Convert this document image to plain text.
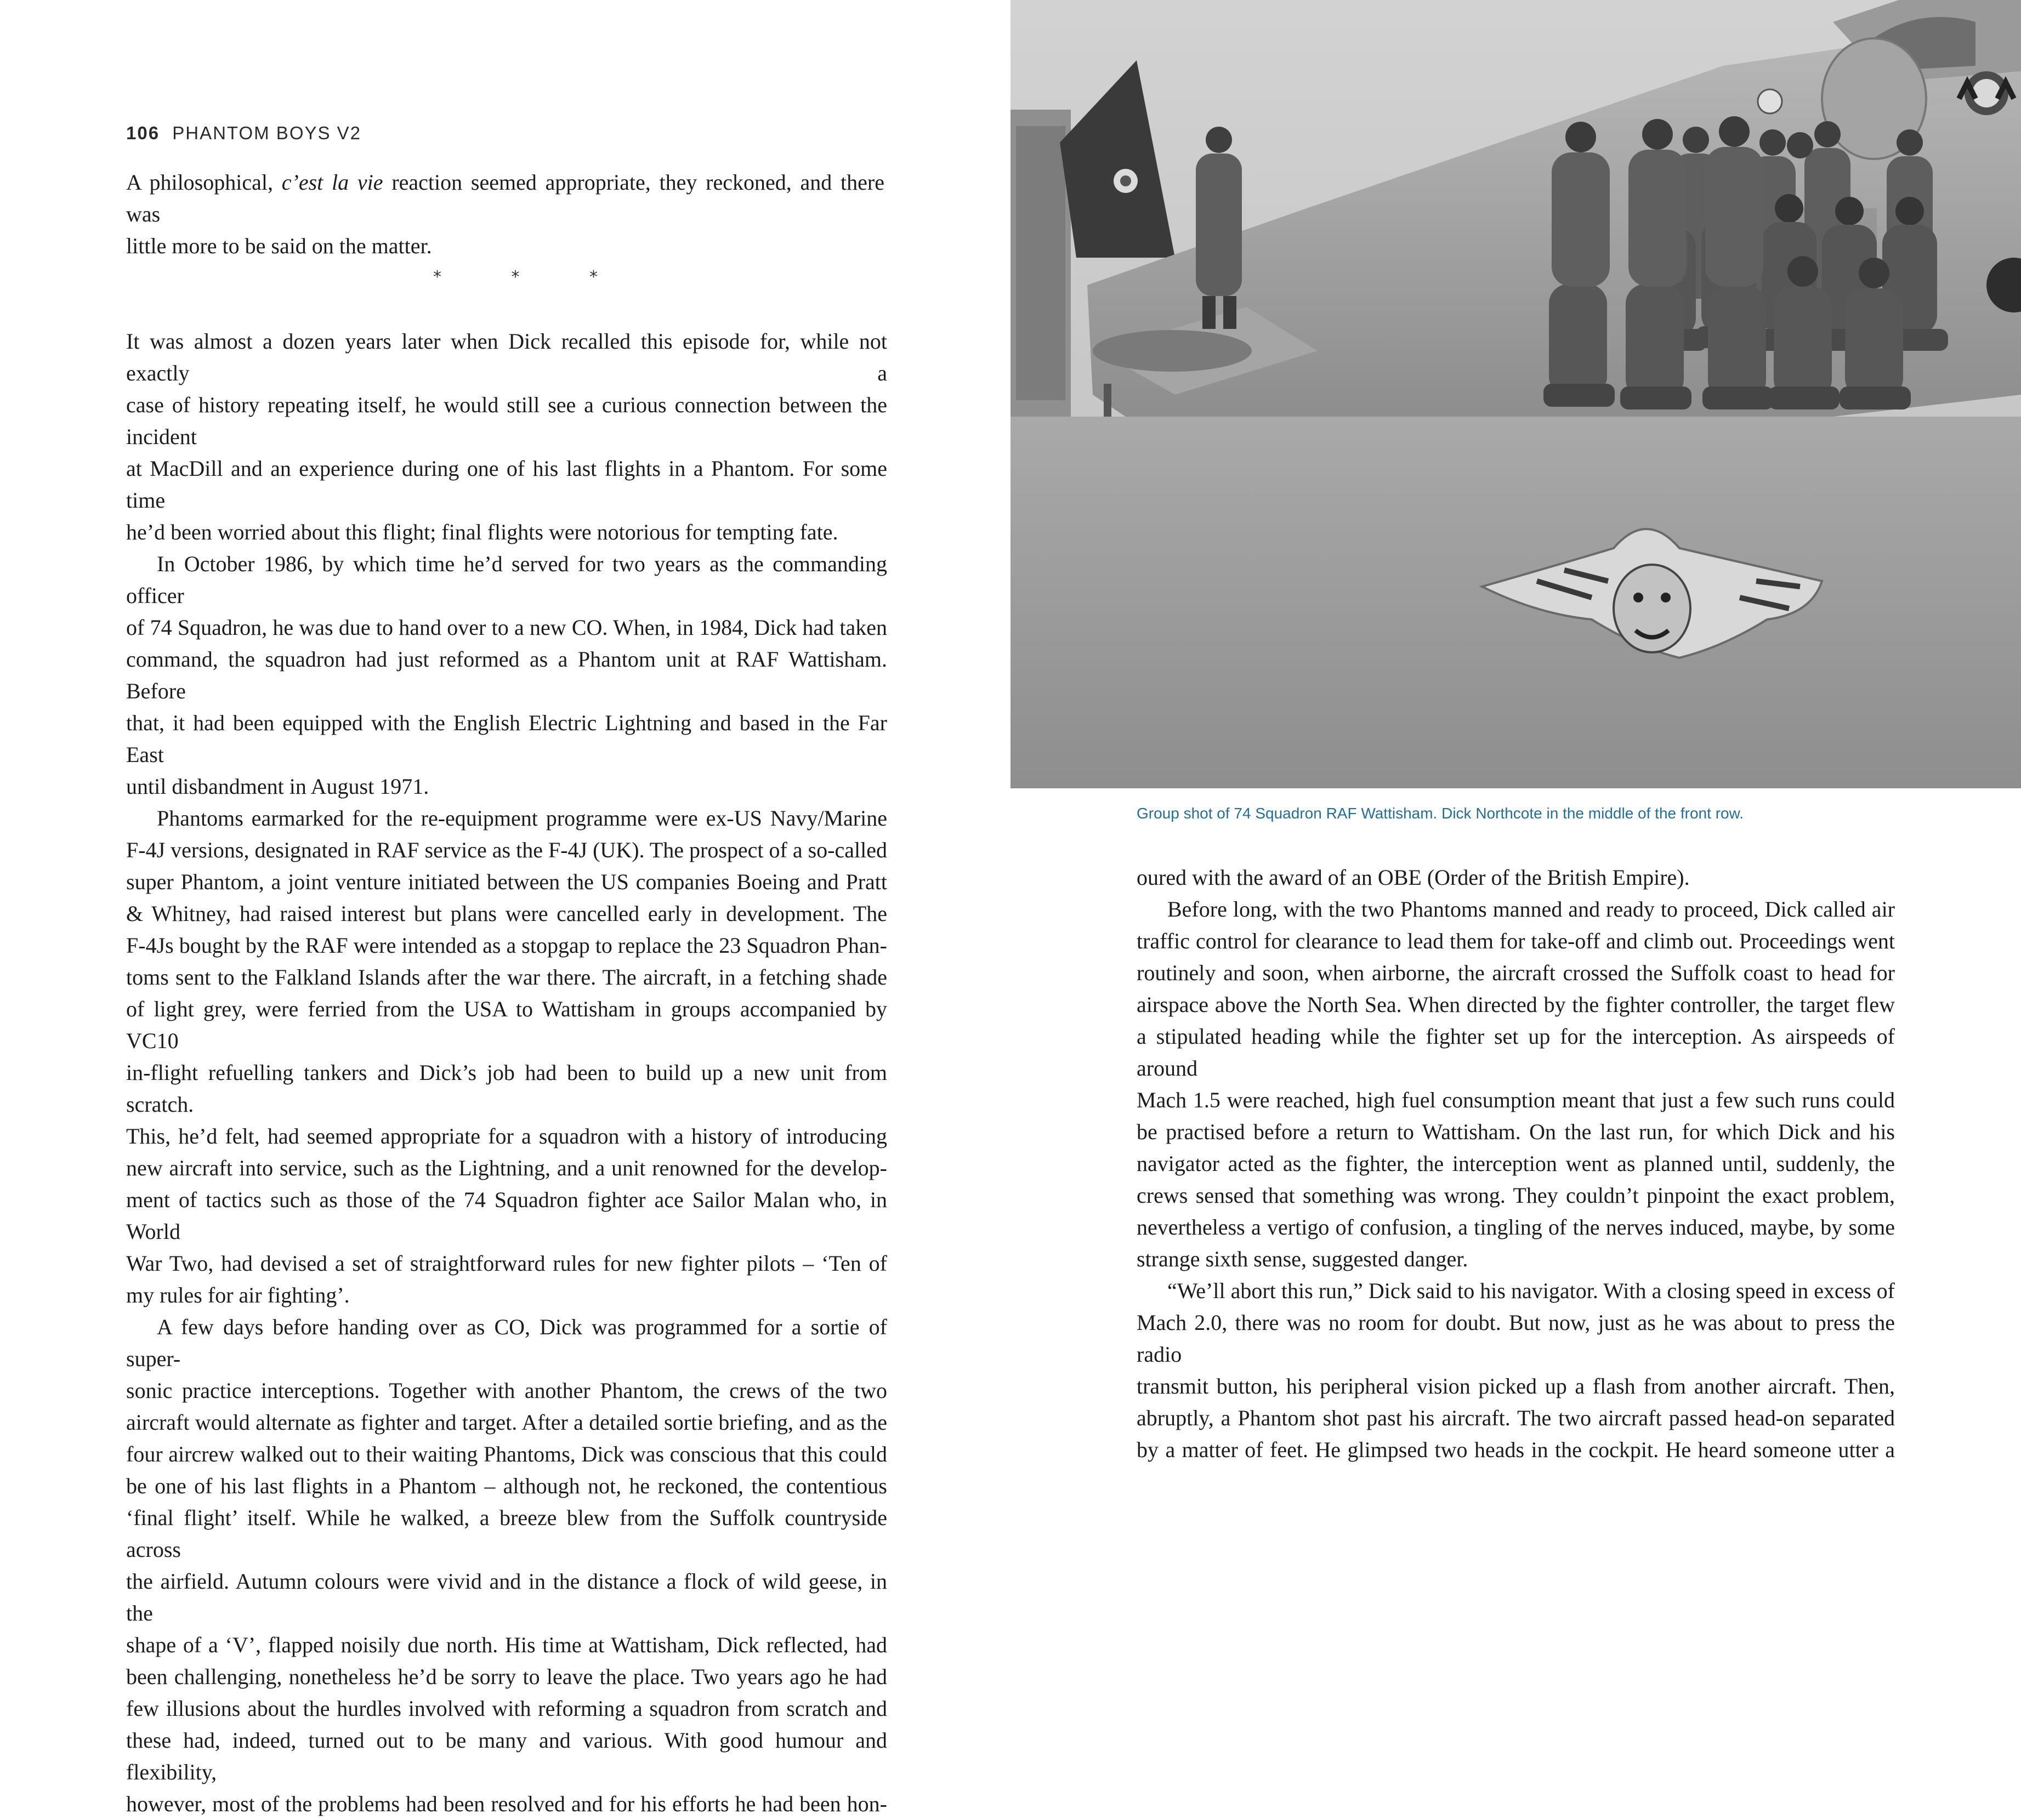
106 PHANTOM BOYS V2

A philosophical, c’est la vie reaction seemed appropriate, they reckoned, and there was

little more to be said on the matter.

*	*	*

It was almost a dozen years later when Dick recalled this episode for, while not exactly a

case of history repeating itself, he would still see a curious connection between the incident

at MacDill and an experience during one of his last flights in a Phantom. For some time

he’d been worried about this flight; final flights were notorious for tempting fate.

In October 1986, by which time he’d served for two years as the commanding officer

of 74 Squadron, he was due to hand over to a new CO. When, in 1984, Dick had taken

command, the squadron had just reformed as a Phantom unit at RAF Wattisham. Before

that, it had been equipped with the English Electric Lightning and based in the Far East

until disbandment in August 1971.

Phantoms earmarked for the re-equipment programme were ex-US Navy/Marine

F-4J versions, designated in RAF service as the F-4J (UK). The prospect of a so-called

super Phantom, a joint venture initiated between the US companies Boeing and Pratt

& Whitney, had raised interest but plans were cancelled early in development. The

F-4Js bought by the RAF were intended as a stopgap to replace the 23 Squadron Phan-

toms sent to the Falkland Islands after the war there. The aircraft, in a fetching shade

of light grey, were ferried from the USA to Wattisham in groups accompanied by VC10

in-flight refuelling tankers and Dick’s job had been to build up a new unit from scratch.

This, he’d felt, had seemed appropriate for a squadron with a history of introducing

new aircraft into service, such as the Lightning, and a unit renowned for the develop-

ment of tactics such as those of the 74 Squadron fighter ace Sailor Malan who, in World

War Two, had devised a set of straightforward rules for new fighter pilots – ‘Ten of

my rules for air fighting’.

A few days before handing over as CO, Dick was programmed for a sortie of super-

sonic practice interceptions. Together with another Phantom, the crews of the two

aircraft would alternate as fighter and target. After a detailed sortie briefing, and as the

four aircrew walked out to their waiting Phantoms, Dick was conscious that this could

be one of his last flights in a Phantom – although not, he reckoned, the contentious

‘final flight’ itself. While he walked, a breeze blew from the Suffolk countryside across

the airfield. Autumn colours were vivid and in the distance a flock of wild geese, in the

shape of a ‘V’, flapped noisily due north. His time at Wattisham, Dick reflected, had

been challenging, nonetheless he’d be sorry to leave the place. Two years ago he had

few illusions about the hurdles involved with reforming a squadron from scratch and

these had, indeed, turned out to be many and various. With good humour and flexibility,

however, most of the problems had been resolved and for his efforts he had been hon-

Group shot of 74 Squadron RAF Wattisham. Dick Northcote in the middle of the front row.

oured with the award of an OBE (Order of the British Empire).

Before long, with the two Phantoms manned and ready to proceed, Dick called air

traffic control for clearance to lead them for take-off and climb out. Proceedings went

routinely and soon, when airborne, the aircraft crossed the Suffolk coast to head for

airspace above the North Sea. When directed by the fighter controller, the target flew

a stipulated heading while the fighter set up for the interception. As airspeeds of around

Mach 1.5 were reached, high fuel consumption meant that just a few such runs could

be practised before a return to Wattisham. On the last run, for which Dick and his

navigator acted as the fighter, the interception went as planned until, suddenly, the

crews sensed that something was wrong. They couldn’t pinpoint the exact problem,

nevertheless a vertigo of confusion, a tingling of the nerves induced, maybe, by some

strange sixth sense, suggested danger.

“We’ll abort this run,” Dick said to his navigator. With a closing speed in excess of

Mach 2.0, there was no room for doubt. But now, just as he was about to press the radio

transmit button, his peripheral vision picked up a flash from another aircraft. Then,

abruptly, a Phantom shot past his aircraft. The two aircraft passed head-on separated

by a matter of feet. He glimpsed two heads in the cockpit. He heard someone utter a
